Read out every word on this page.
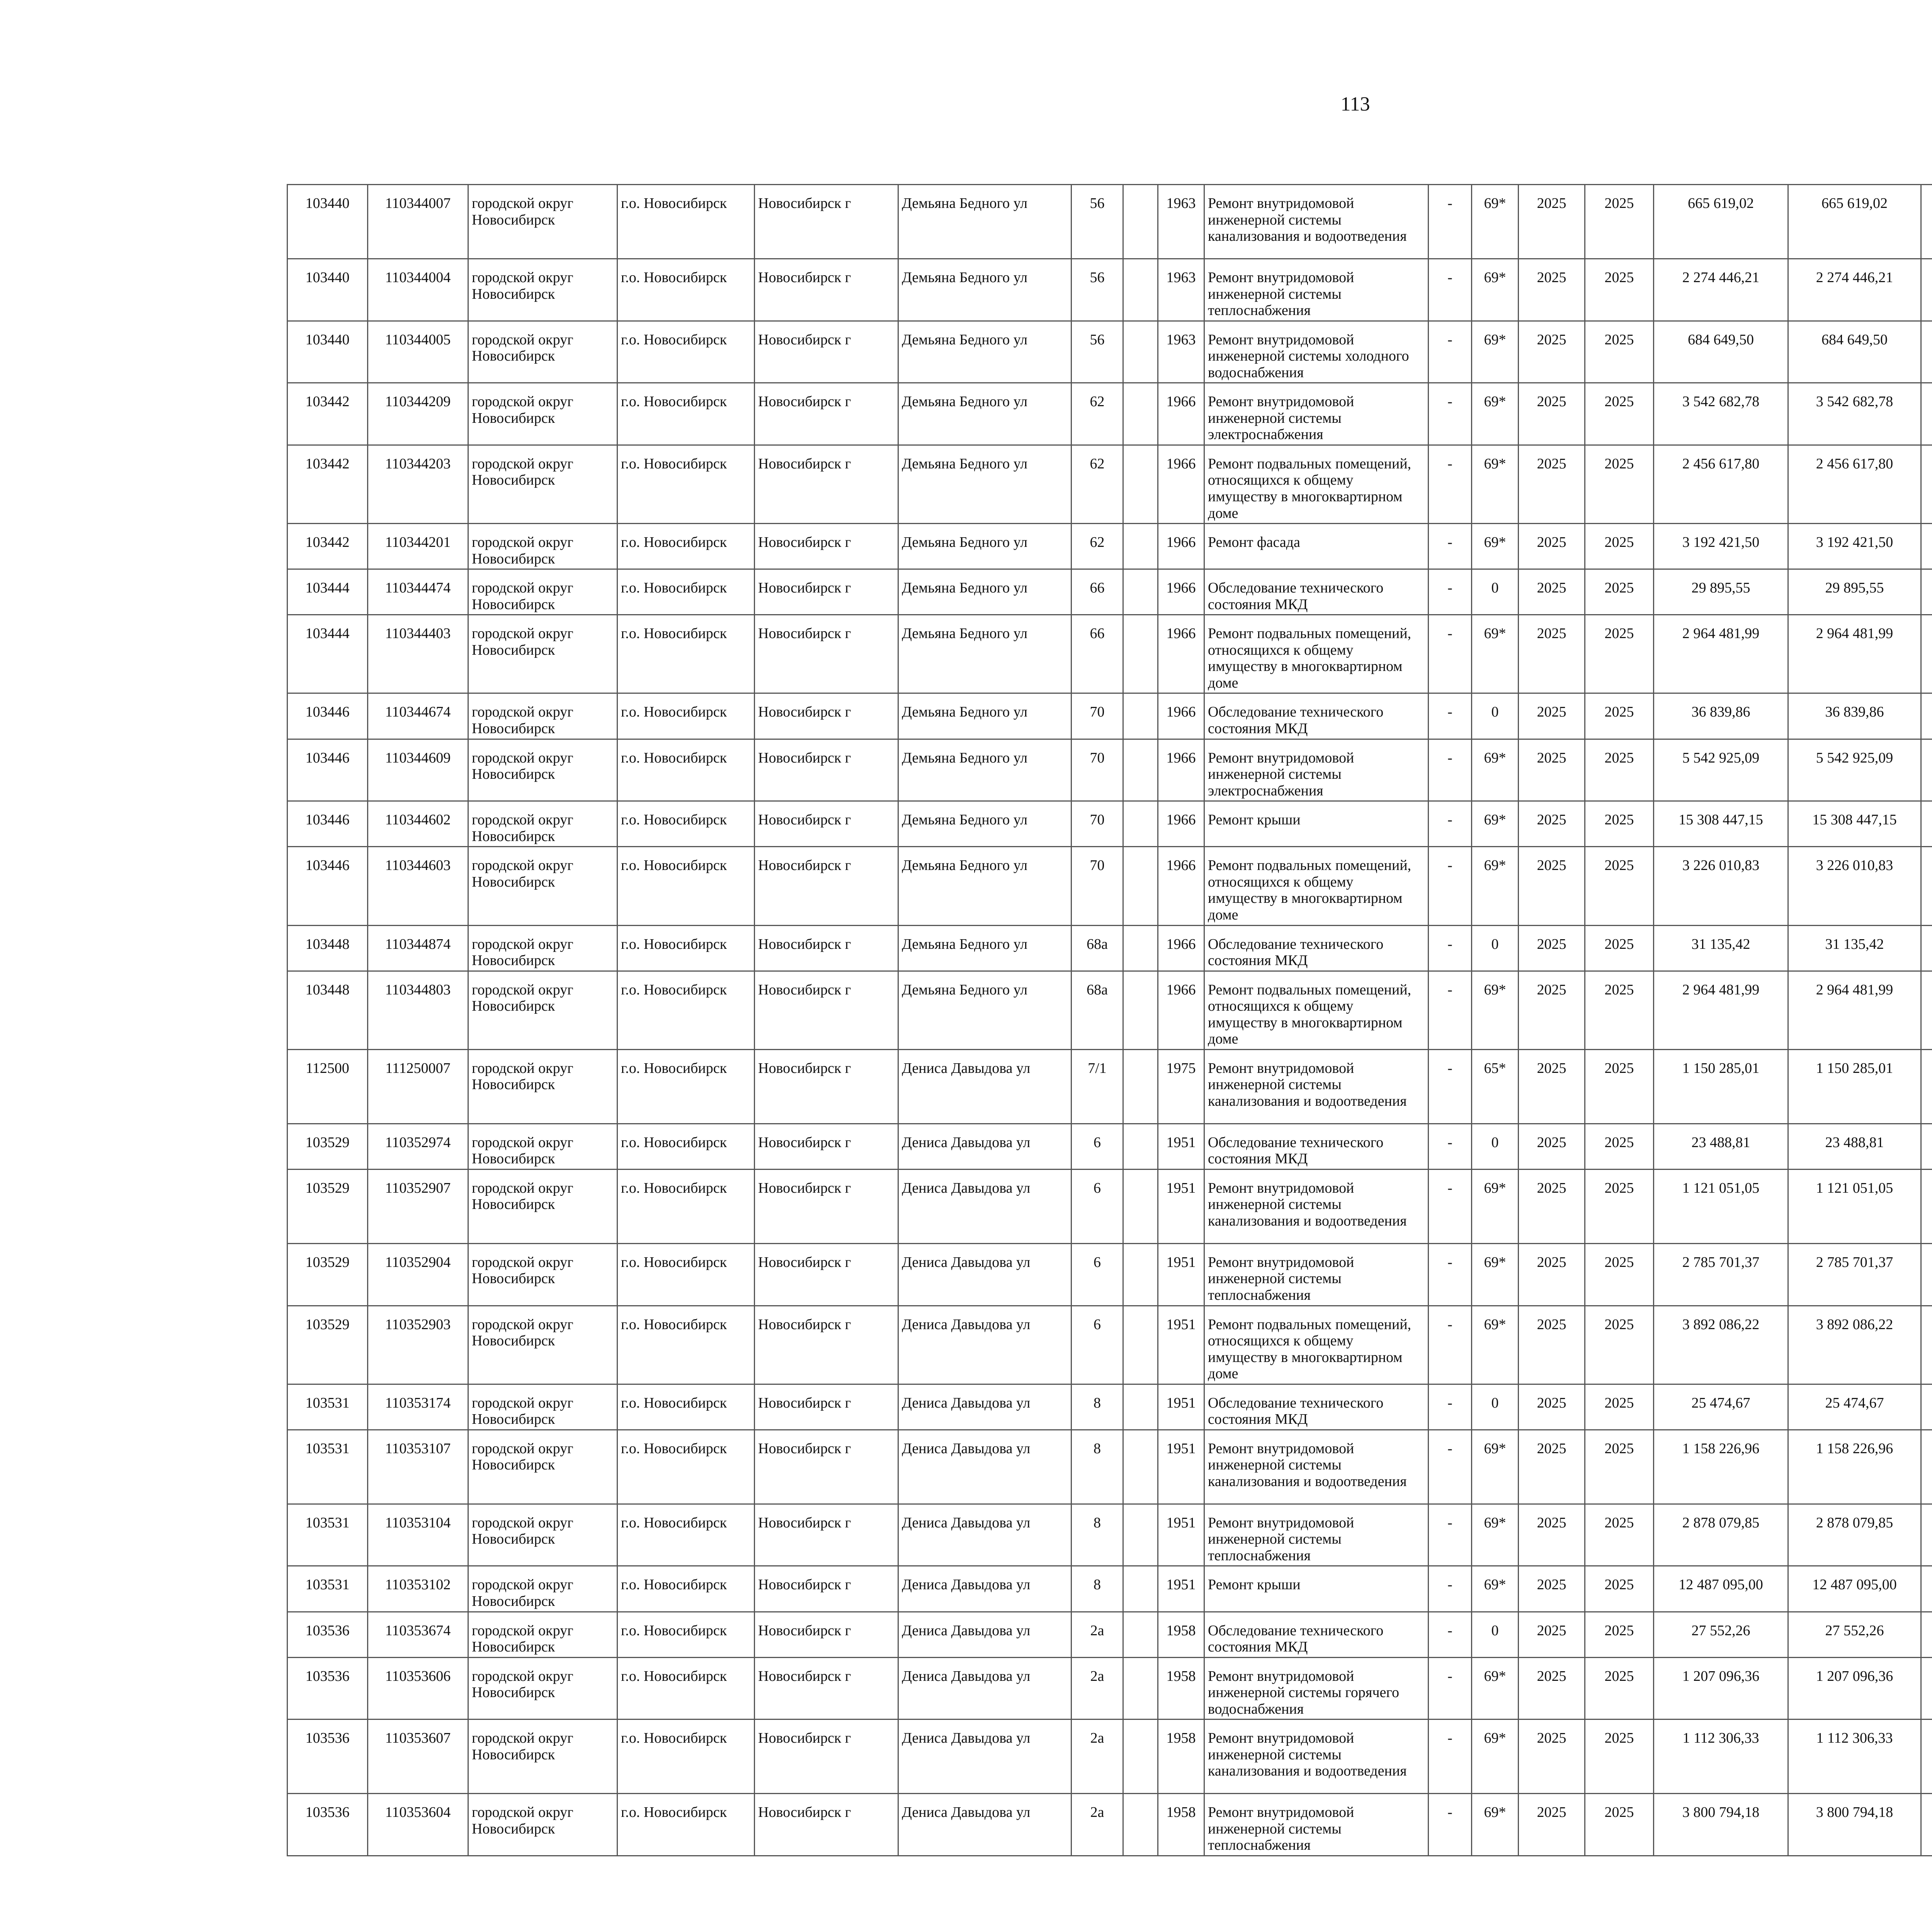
113
103440	110344007	городской округ Новосибирск	г.о. Новосибирск	Новосибирск г	Демьяна Бедного ул	56		1963	Ремонт внутридомовой инженерной системы канализования и водоотведения	-	69*	2025	2025	665 619,02	665 619,02						
103440	110344004	городской округ Новосибирск	г.о. Новосибирск	Новосибирск г	Демьяна Бедного ул	56		1963	Ремонт внутридомовой инженерной системы теплоснабжения	-	69*	2025	2025	2 274 446,21	2 274 446,21						
103440	110344005	городской округ Новосибирск	г.о. Новосибирск	Новосибирск г	Демьяна Бедного ул	56		1963	Ремонт внутридомовой инженерной системы холодного водоснабжения	-	69*	2025	2025	684 649,50	684 649,50						
103442	110344209	городской округ Новосибирск	г.о. Новосибирск	Новосибирск г	Демьяна Бедного ул	62		1966	Ремонт внутридомовой инженерной системы электроснабжения	-	69*	2025	2025	3 542 682,78	3 542 682,78						
103442	110344203	городской округ Новосибирск	г.о. Новосибирск	Новосибирск г	Демьяна Бедного ул	62		1966	Ремонт подвальных помещений, относящихся к общему имуществу в многоквартирном доме	-	69*	2025	2025	2 456 617,80	2 456 617,80						
103442	110344201	городской округ Новосибирск	г.о. Новосибирск	Новосибирск г	Демьяна Бедного ул	62		1966	Ремонт фасада	-	69*	2025	2025	3 192 421,50	3 192 421,50						
103444	110344474	городской округ Новосибирск	г.о. Новосибирск	Новосибирск г	Демьяна Бедного ул	66		1966	Обследование технического состояния МКД	-	0	2025	2025	29 895,55	29 895,55						
103444	110344403	городской округ Новосибирск	г.о. Новосибирск	Новосибирск г	Демьяна Бедного ул	66		1966	Ремонт подвальных помещений, относящихся к общему имуществу в многоквартирном доме	-	69*	2025	2025	2 964 481,99	2 964 481,99						
103446	110344674	городской округ Новосибирск	г.о. Новосибирск	Новосибирск г	Демьяна Бедного ул	70		1966	Обследование технического состояния МКД	-	0	2025	2025	36 839,86	36 839,86						
103446	110344609	городской округ Новосибирск	г.о. Новосибирск	Новосибирск г	Демьяна Бедного ул	70		1966	Ремонт внутридомовой инженерной системы электроснабжения	-	69*	2025	2025	5 542 925,09	5 542 925,09						
103446	110344602	городской округ Новосибирск	г.о. Новосибирск	Новосибирск г	Демьяна Бедного ул	70		1966	Ремонт крыши	-	69*	2025	2025	15 308 447,15	15 308 447,15						
103446	110344603	городской округ Новосибирск	г.о. Новосибирск	Новосибирск г	Демьяна Бедного ул	70		1966	Ремонт подвальных помещений, относящихся к общему имуществу в многоквартирном доме	-	69*	2025	2025	3 226 010,83	3 226 010,83						
103448	110344874	городской округ Новосибирск	г.о. Новосибирск	Новосибирск г	Демьяна Бедного ул	68а		1966	Обследование технического состояния МКД	-	0	2025	2025	31 135,42	31 135,42						
103448	110344803	городской округ Новосибирск	г.о. Новосибирск	Новосибирск г	Демьяна Бедного ул	68а		1966	Ремонт подвальных помещений, относящихся к общему имуществу в многоквартирном доме	-	69*	2025	2025	2 964 481,99	2 964 481,99						
112500	111250007	городской округ Новосибирск	г.о. Новосибирск	Новосибирск г	Дениса Давыдова ул	7/1		1975	Ремонт внутридомовой инженерной системы канализования и водоотведения	-	65*	2025	2025	1 150 285,01	1 150 285,01						
103529	110352974	городской округ Новосибирск	г.о. Новосибирск	Новосибирск г	Дениса Давыдова ул	6		1951	Обследование технического состояния МКД	-	0	2025	2025	23 488,81	23 488,81						
103529	110352907	городской округ Новосибирск	г.о. Новосибирск	Новосибирск г	Дениса Давыдова ул	6		1951	Ремонт внутридомовой инженерной системы канализования и водоотведения	-	69*	2025	2025	1 121 051,05	1 121 051,05						
103529	110352904	городской округ Новосибирск	г.о. Новосибирск	Новосибирск г	Дениса Давыдова ул	6		1951	Ремонт внутридомовой инженерной системы теплоснабжения	-	69*	2025	2025	2 785 701,37	2 785 701,37						
103529	110352903	городской округ Новосибирск	г.о. Новосибирск	Новосибирск г	Дениса Давыдова ул	6		1951	Ремонт подвальных помещений, относящихся к общему имуществу в многоквартирном доме	-	69*	2025	2025	3 892 086,22	3 892 086,22						
103531	110353174	городской округ Новосибирск	г.о. Новосибирск	Новосибирск г	Дениса Давыдова ул	8		1951	Обследование технического состояния МКД	-	0	2025	2025	25 474,67	25 474,67						
103531	110353107	городской округ Новосибирск	г.о. Новосибирск	Новосибирск г	Дениса Давыдова ул	8		1951	Ремонт внутридомовой инженерной системы канализования и водоотведения	-	69*	2025	2025	1 158 226,96	1 158 226,96						
103531	110353104	городской округ Новосибирск	г.о. Новосибирск	Новосибирск г	Дениса Давыдова ул	8		1951	Ремонт внутридомовой инженерной системы теплоснабжения	-	69*	2025	2025	2 878 079,85	2 878 079,85						
103531	110353102	городской округ Новосибирск	г.о. Новосибирск	Новосибирск г	Дениса Давыдова ул	8		1951	Ремонт крыши	-	69*	2025	2025	12 487 095,00	12 487 095,00						
103536	110353674	городской округ Новосибирск	г.о. Новосибирск	Новосибирск г	Дениса Давыдова ул	2а		1958	Обследование технического состояния МКД	-	0	2025	2025	27 552,26	27 552,26						
103536	110353606	городской округ Новосибирск	г.о. Новосибирск	Новосибирск г	Дениса Давыдова ул	2а		1958	Ремонт внутридомовой инженерной системы горячего водоснабжения	-	69*	2025	2025	1 207 096,36	1 207 096,36						
103536	110353607	городской округ Новосибирск	г.о. Новосибирск	Новосибирск г	Дениса Давыдова ул	2а		1958	Ремонт внутридомовой инженерной системы канализования и водоотведения	-	69*	2025	2025	1 112 306,33	1 112 306,33						
103536	110353604	городской округ Новосибирск	г.о. Новосибирск	Новосибирск г	Дениса Давыдова ул	2а		1958	Ремонт внутридомовой инженерной системы теплоснабжения	-	69*	2025	2025	3 800 794,18	3 800 794,18						
